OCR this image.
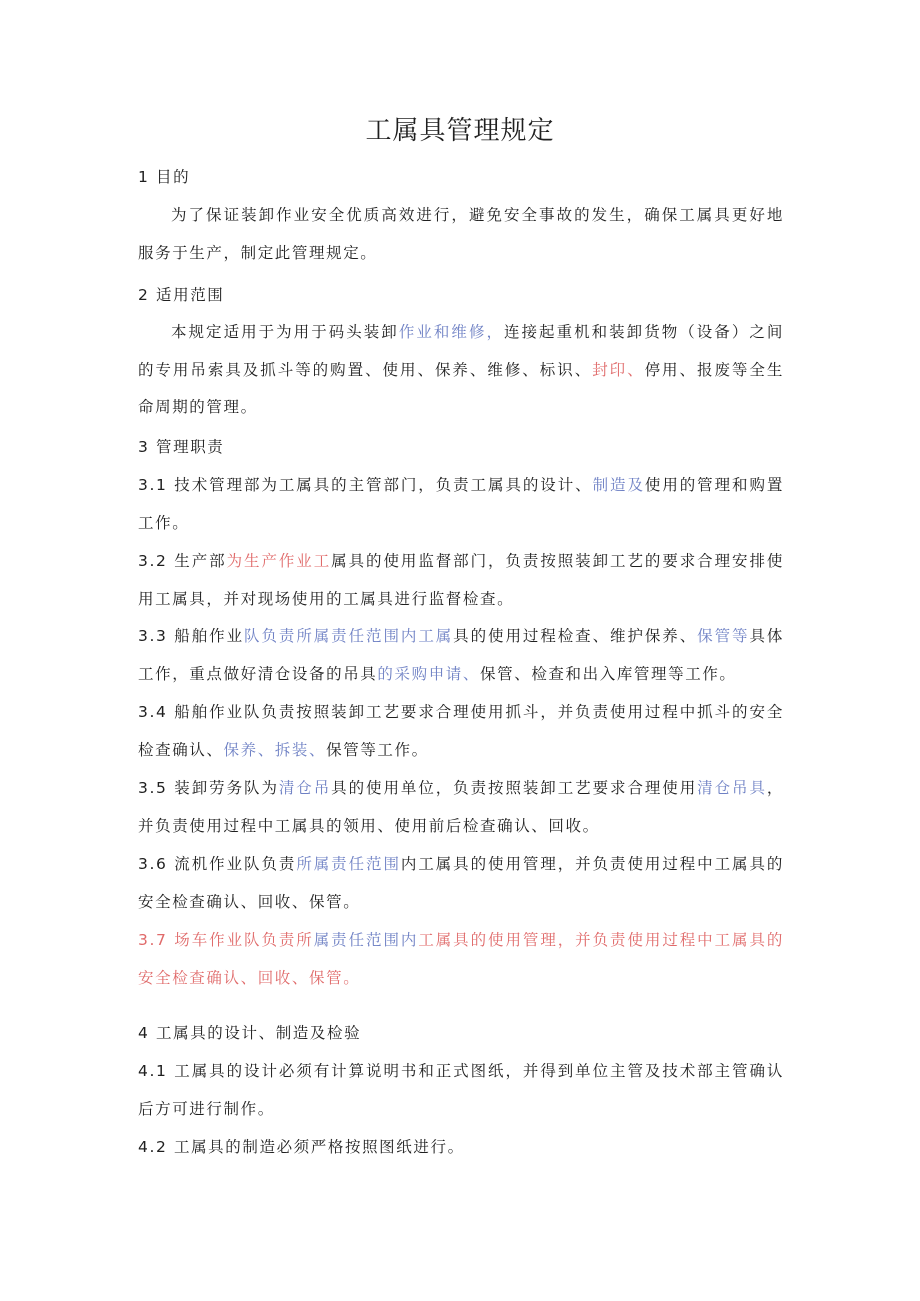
工属具管理规定
1 目的
为了保证装卸作业安全优质高效进行，避免安全事故的发生，确保工属具更好地服务于生产，制定此管理规定。
2 适用范围
本规定适用于为用于码头装卸作业和维修，连接起重机和装卸货物（设备）之间的专用吊索具及抓斗等的购置、使用、保养、维修、标识、封印、停用、报废等全生命周期的管理。
3 管理职责
3.1 技术管理部为工属具的主管部门，负责工属具的设计、制造及使用的管理和购置工作。
3.2 生产部为生产作业工属具的使用监督部门，负责按照装卸工艺的要求合理安排使用工属具，并对现场使用的工属具进行监督检查。
3.3 船舶作业队负责所属责任范围内工属具的使用过程检查、维护保养、保管等具体工作，重点做好清仓设备的吊具的采购申请、保管、检查和出入库管理等工作。
3.4 船舶作业队负责按照装卸工艺要求合理使用抓斗，并负责使用过程中抓斗的安全检查确认、保养、拆装、保管等工作。
3.5 装卸劳务队为清仓吊具的使用单位，负责按照装卸工艺要求合理使用清仓吊具，并负责使用过程中工属具的领用、使用前后检查确认、回收。
3.6 流机作业队负责所属责任范围内工属具的使用管理，并负责使用过程中工属具的安全检查确认、回收、保管。
3.7 场车作业队负责所属责任范围内工属具的使用管理，并负责使用过程中工属具的安全检查确认、回收、保管。
4 工属具的设计、制造及检验
4.1 工属具的设计必须有计算说明书和正式图纸，并得到单位主管及技术部主管确认后方可进行制作。
4.2 工属具的制造必须严格按照图纸进行。
